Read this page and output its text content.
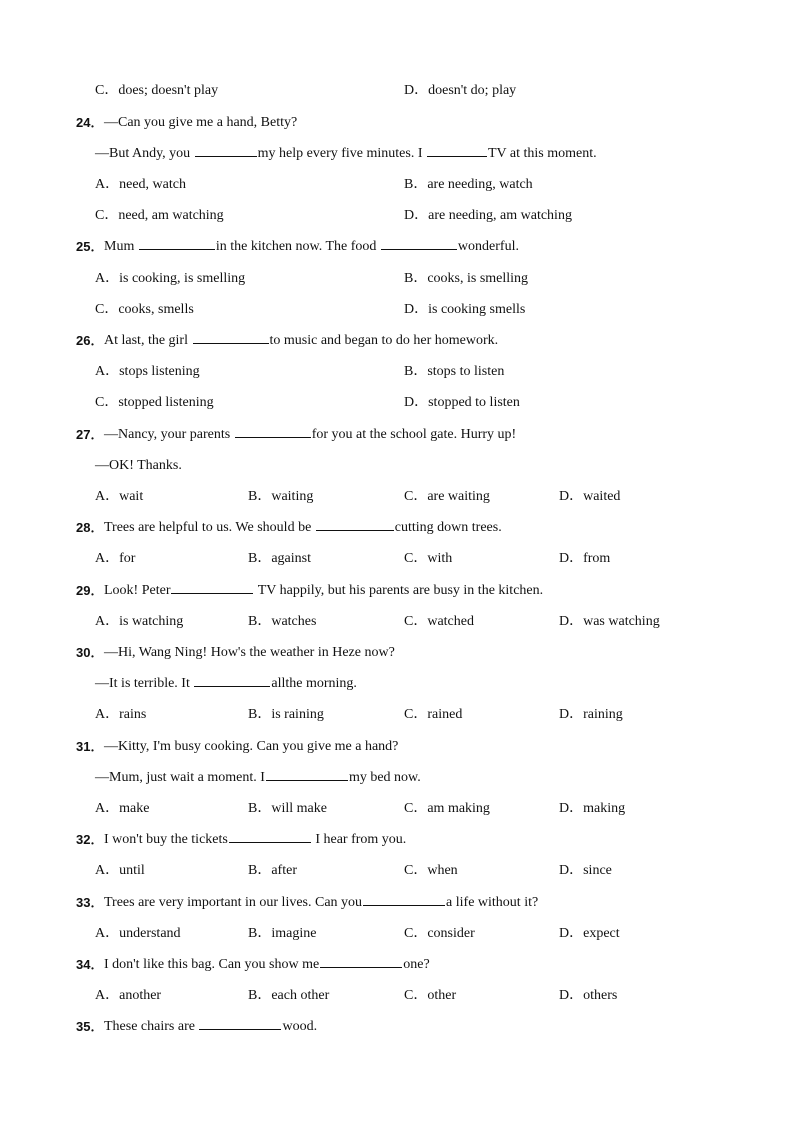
C．does; doesn't play	D．doesn't do; play
24． —Can you give me a hand, Betty?
—But Andy, you	my help every five minutes. I	TV at this moment.
A．need, watch	B．are needing, watch
C．need, am watching	D．are needing, am watching
25． Mum	in the kitchen now. The food	wonderful.
A．is cooking, is smelling	B．cooks, is smelling
C．cooks, smells	D．is cooking smells
26． At last, the girl	to music and began to do her homework.
A．stops listening	B．stops to listen
C．stopped listening	D．stopped to listen
27． —Nancy, your parents	for you at the school gate. Hurry up!
—OK! Thanks.
A．wait	B．waiting	C．are waiting	D．waited
28． Trees are helpful to us. We should be	cutting down trees.
A．for	B．against	C．with	D．from
29． Look! Peter	TV happily, but his parents are busy in the kitchen.
A．is watching	B．watches	C．watched	D．was watching
30． —Hi, Wang Ning! How's the weather in Heze now?
—It is terrible. It	allthe morning.
A．rains	B．is raining	C．rained	D．raining
31． —Kitty, I'm busy cooking. Can you give me a hand?
—Mum, just wait a moment. I	my bed now.
A．make	B．will make	C．am making	D．making
32． I won't buy the tickets	I hear from you.
A．until	B．after	C．when	D．since
33． Trees are very important in our lives. Can you	a life without it?
A．understand	B．imagine	C．consider	D．expect
34． I don't like this bag. Can you show me	one?
A．another	B．each other	C．other	D．others
35． These chairs are	wood.
